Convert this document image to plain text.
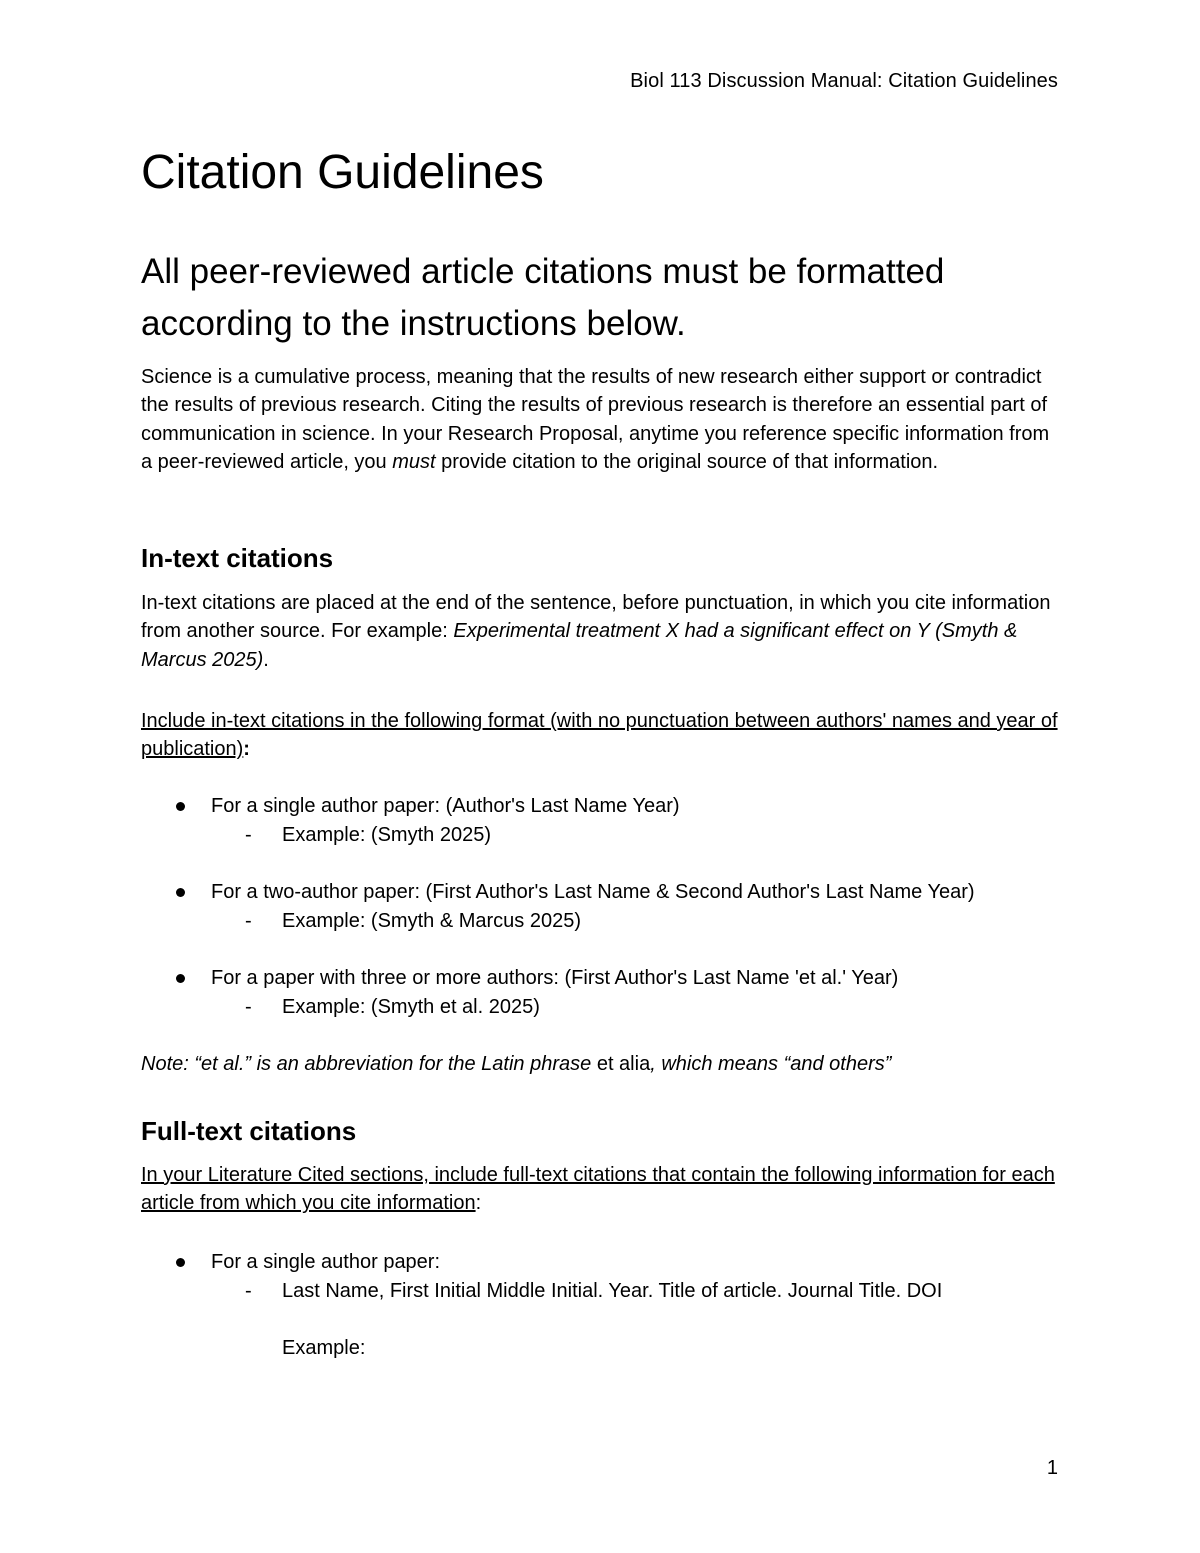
Biol 113 Discussion Manual: Citation Guidelines
Citation Guidelines
All peer-reviewed article citations must be formatted according to the instructions below.

Science is a cumulative process, meaning that the results of new research either support or contradict the results of previous research. Citing the results of previous research is therefore an essential part of communication in science. In your Research Proposal, anytime you reference specific information from a peer-reviewed article, you must provide citation to the original source of that information.

In-text citations

In-text citations are placed at the end of the sentence, before punctuation, in which you cite information from another source. For example: Experimental treatment X had a significant effect on Y (Smyth & Marcus 2025).

Include in-text citations in the following format (with no punctuation between authors' names and year of publication):

For a single author paper: (Author's Last Name Year)
- Example: (Smyth 2025)
For a two-author paper: (First Author's Last Name & Second Author's Last Name Year)
- Example: (Smyth & Marcus 2025)
For a paper with three or more authors: (First Author's Last Name 'et al.' Year)
- Example: (Smyth et al. 2025)

Note: “et al.” is an abbreviation for the Latin phrase et alia, which means “and others”

Full-text citations

In your Literature Cited sections, include full-text citations that contain the following information for each article from which you cite information:

For a single author paper:
- Last Name, First Initial Middle Initial. Year. Title of article. Journal Title. DOI
Example:
1
